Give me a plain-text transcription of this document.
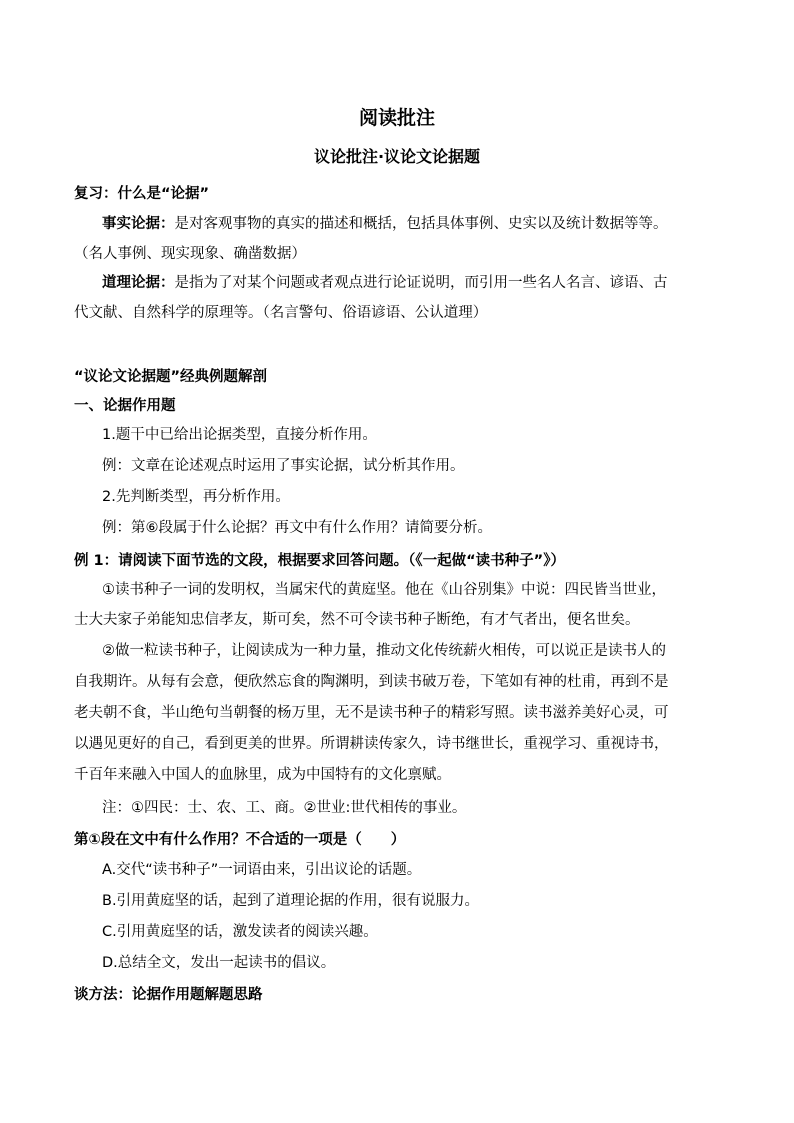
阅读批注
议论批注·议论文论据题
复习：什么是“论据”
事实论据：是对客观事物的真实的描述和概括，包括具体事例、史实以及统计数据等等。
（名人事例、现实现象、确凿数据）
道理论据：是指为了对某个问题或者观点进行论证说明，而引用一些名人名言、谚语、古
代文献、自然科学的原理等。（名言警句、俗语谚语、公认道理）
“议论文论据题”经典例题解剖
一、论据作用题
1.题干中已给出论据类型，直接分析作用。
例：文章在论述观点时运用了事实论据，试分析其作用。
2.先判断类型，再分析作用。
例：第⑥段属于什么论据？再文中有什么作用？请简要分析。
例 1：请阅读下面节选的文段，根据要求回答问题。（《一起做“读书种子”》）
①读书种子一词的发明权，当属宋代的黄庭坚。他在《山谷别集》中说：四民皆当世业，
士大夫家子弟能知忠信孝友，斯可矣，然不可令读书种子断绝，有才气者出，便名世矣。
②做一粒读书种子，让阅读成为一种力量，推动文化传统薪火相传，可以说正是读书人的
自我期许。从每有会意，便欣然忘食的陶渊明，到读书破万卷，下笔如有神的杜甫，再到不是
老夫朝不食，半山绝句当朝餐的杨万里，无不是读书种子的精彩写照。读书滋养美好心灵，可
以遇见更好的自己，看到更美的世界。所谓耕读传家久，诗书继世长，重视学习、重视诗书，
千百年来融入中国人的血脉里，成为中国特有的文化禀赋。
注：①四民：士、农、工、商。②世业:世代相传的事业。
第①段在文中有什么作用？不合适的一项是（　　）
A.交代“读书种子”一词语由来，引出议论的话题。
B.引用黄庭坚的话，起到了道理论据的作用，很有说服力。
C.引用黄庭坚的话，激发读者的阅读兴趣。
D.总结全文，发出一起读书的倡议。
谈方法：论据作用题解题思路
